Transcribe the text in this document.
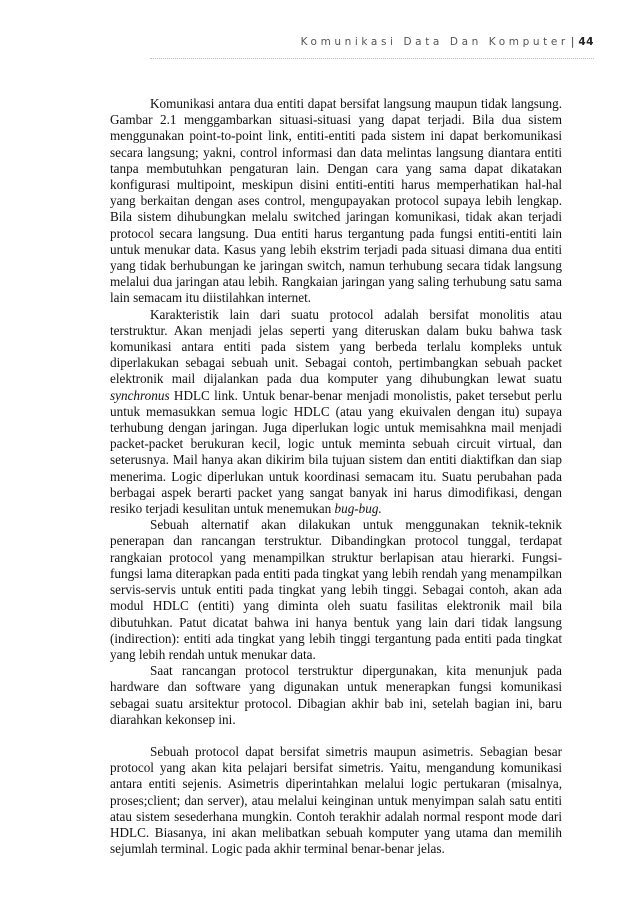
Komunikasi Data Dan Komputer | 44

Komunikasi antara dua entiti dapat bersifat langsung maupun tidak langsung. Gambar 2.1 menggambarkan situasi-situasi yang dapat terjadi. Bila dua sistem menggunakan point-to-point link, entiti-entiti pada sistem ini dapat berkomunikasi secara langsung; yakni, control informasi dan data melintas langsung diantara entiti tanpa membutuhkan pengaturan lain. Dengan cara yang sama dapat dikatakan konfigurasi multipoint, meskipun disini entiti-entiti harus memperhatikan hal-hal yang berkaitan dengan ases control, mengupayakan protocol supaya lebih lengkap. Bila sistem dihubungkan melalu switched jaringan komunikasi, tidak akan terjadi protocol secara langsung. Dua entiti harus tergantung pada fungsi entiti-entiti lain untuk menukar data. Kasus yang lebih ekstrim terjadi pada situasi dimana dua entiti yang tidak berhubungan ke jaringan switch, namun terhubung secara tidak langsung melalui dua jaringan atau lebih. Rangkaian jaringan yang saling terhubung satu sama lain semacam itu diistilahkan internet.

Karakteristik lain dari suatu protocol adalah bersifat monolitis atau terstruktur. Akan menjadi jelas seperti yang diteruskan dalam buku bahwa task komunikasi antara entiti pada sistem yang berbeda terlalu kompleks untuk diperlakukan sebagai sebuah unit. Sebagai contoh, pertimbangkan sebuah packet elektronik mail dijalankan pada dua komputer yang dihubungkan lewat suatu synchronus HDLC link. Untuk benar-benar menjadi monolistis, paket tersebut perlu untuk memasukkan semua logic HDLC (atau yang ekuivalen dengan itu) supaya terhubung dengan jaringan. Juga diperlukan logic untuk memisahkna mail menjadi packet-packet berukuran kecil, logic untuk meminta sebuah circuit virtual, dan seterusnya. Mail hanya akan dikirim bila tujuan sistem dan entiti diaktifkan dan siap menerima. Logic diperlukan untuk koordinasi semacam itu. Suatu perubahan pada berbagai aspek berarti packet yang sangat banyak ini harus dimodifikasi, dengan resiko terjadi kesulitan untuk menemukan bug-bug.

Sebuah alternatif akan dilakukan untuk menggunakan teknik-teknik penerapan dan rancangan terstruktur. Dibandingkan protocol tunggal, terdapat rangkaian protocol yang menampilkan struktur berlapisan atau hierarki. Fungsi-fungsi lama diterapkan pada entiti pada tingkat yang lebih rendah yang menampilkan servis-servis untuk entiti pada tingkat yang lebih tinggi. Sebagai contoh, akan ada modul HDLC (entiti) yang diminta oleh suatu fasilitas elektronik mail bila dibutuhkan. Patut dicatat bahwa ini hanya bentuk yang lain dari tidak langsung (indirection): entiti ada tingkat yang lebih tinggi tergantung pada entiti pada tingkat yang lebih rendah untuk menukar data.

Saat rancangan protocol terstruktur dipergunakan, kita menunjuk pada hardware dan software yang digunakan untuk menerapkan fungsi komunikasi sebagai suatu arsitektur protocol. Dibagian akhir bab ini, setelah bagian ini, baru diarahkan kekonsep ini.

Sebuah protocol dapat bersifat simetris maupun asimetris. Sebagian besar protocol yang akan kita pelajari bersifat simetris. Yaitu, mengandung komunikasi antara entiti sejenis. Asimetris diperintahkan melalui logic pertukaran (misalnya, proses;client; dan server), atau melalui keinginan untuk menyimpan salah satu entiti atau sistem sesederhana mungkin. Contoh terakhir adalah normal respont mode dari HDLC. Biasanya, ini akan melibatkan sebuah komputer yang utama dan memilih sejumlah terminal. Logic pada akhir terminal benar-benar jelas.
